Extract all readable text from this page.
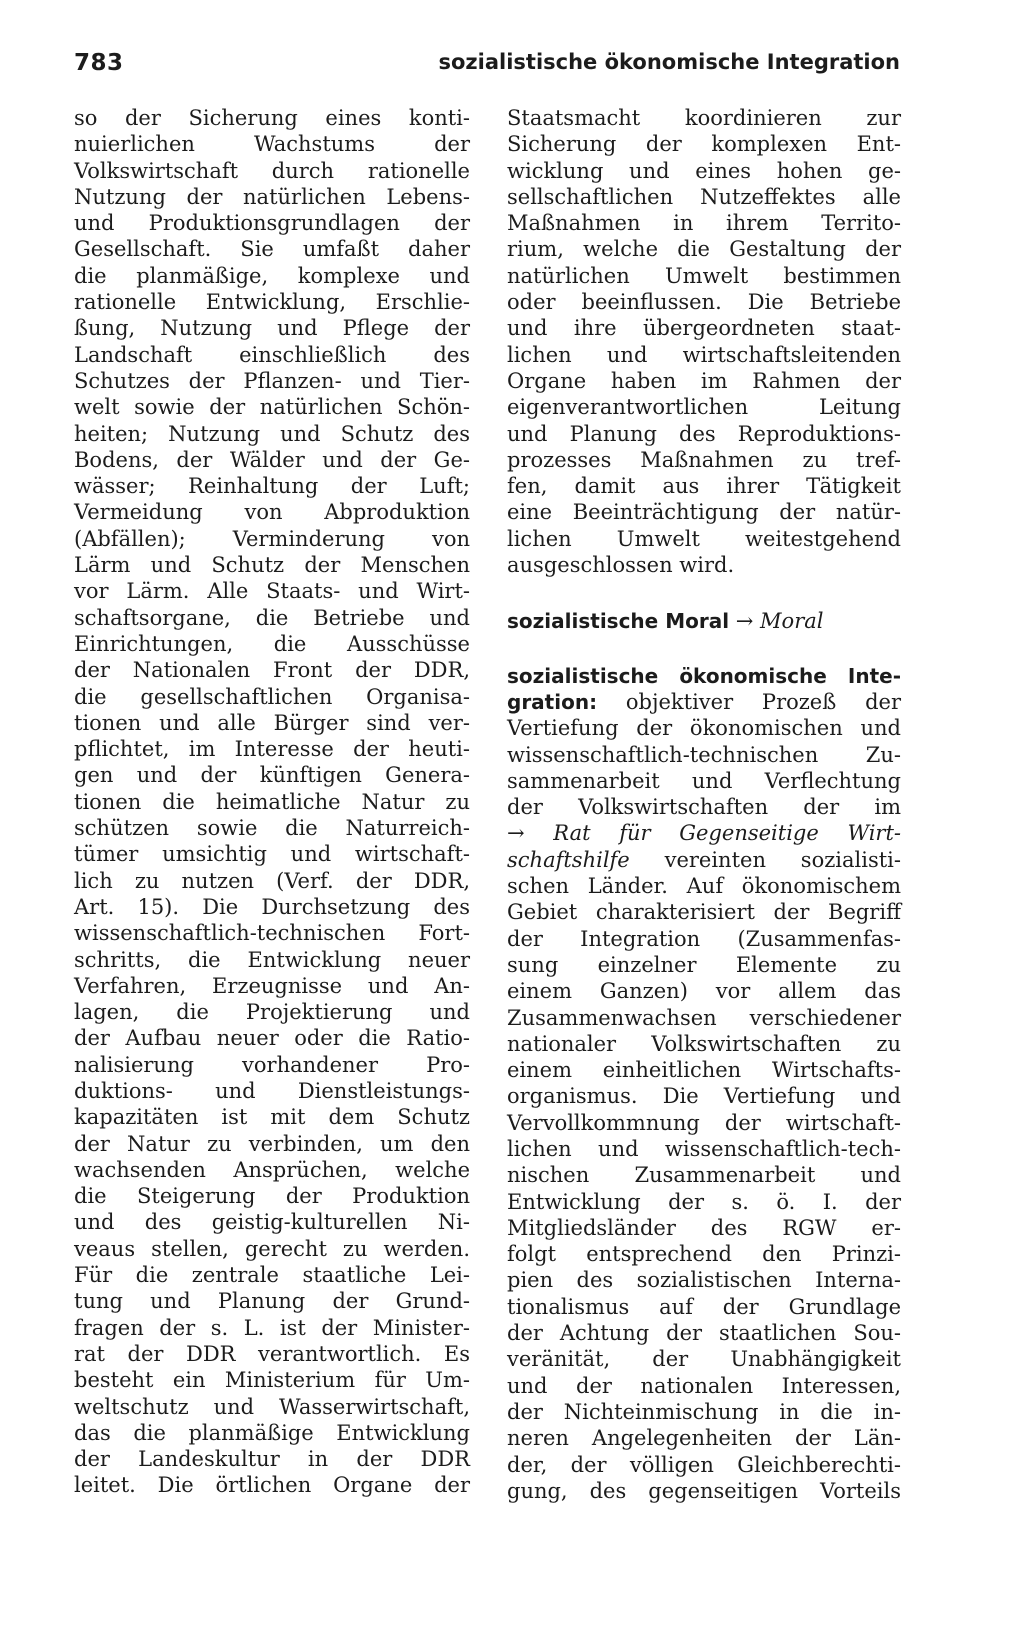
783	sozialistische ökonomische Integration
so der Sicherung eines konti-
nuierlichen Wachstums der
Volkswirtschaft durch rationelle
Nutzung der natürlichen Lebens-
und Produktionsgrundlagen der
Gesellschaft. Sie umfaßt daher
die planmäßige, komplexe und
rationelle Entwicklung, Erschlie-
ßung, Nutzung und Pflege der
Landschaft einschließlich des
Schutzes der Pflanzen- und Tier-
welt sowie der natürlichen Schön-
heiten; Nutzung und Schutz des
Bodens, der Wälder und der Ge-
wässer; Reinhaltung der Luft;
Vermeidung von Abproduktion
(Abfällen); Verminderung von
Lärm und Schutz der Menschen
vor Lärm. Alle Staats- und Wirt-
schaftsorgane, die Betriebe und
Einrichtungen, die Ausschüsse
der Nationalen Front der DDR,
die gesellschaftlichen Organisa-
tionen und alle Bürger sind ver-
pflichtet, im Interesse der heuti-
gen und der künftigen Genera-
tionen die heimatliche Natur zu
schützen sowie die Naturreich-
tümer umsichtig und wirtschaft-
lich zu nutzen (Verf. der DDR,
Art. 15). Die Durchsetzung des
wissenschaftlich-technischen Fort-
schritts, die Entwicklung neuer
Verfahren, Erzeugnisse und An-
lagen, die Projektierung und
der Aufbau neuer oder die Ratio-
nalisierung vorhandener Pro-
duktions- und Dienstleistungs-
kapazitäten ist mit dem Schutz
der Natur zu verbinden, um den
wachsenden Ansprüchen, welche
die Steigerung der Produktion
und des geistig-kulturellen Ni-
veaus stellen, gerecht zu werden.
Für die zentrale staatliche Lei-
tung und Planung der Grund-
fragen der s. L. ist der Minister-
rat der DDR verantwortlich. Es
besteht ein Ministerium für Um-
weltschutz und Wasserwirtschaft,
das die planmäßige Entwicklung
der Landeskultur in der DDR
leitet. Die örtlichen Organe der
Staatsmacht koordinieren zur
Sicherung der komplexen Ent-
wicklung und eines hohen ge-
sellschaftlichen Nutzeffektes alle
Maßnahmen in ihrem Territo-
rium, welche die Gestaltung der
natürlichen Umwelt bestimmen
oder beeinflussen. Die Betriebe
und ihre übergeordneten staat-
lichen und wirtschaftsleitenden
Organe haben im Rahmen der
eigenverantwortlichen Leitung
und Planung des Reproduktions-
prozesses Maßnahmen zu tref-
fen, damit aus ihrer Tätigkeit
eine Beeinträchtigung der natür-
lichen Umwelt weitestgehend
ausgeschlossen wird.
sozialistische Moral → Moral
sozialistische ökonomische Inte-
gration: objektiver Prozeß der
Vertiefung der ökonomischen und
wissenschaftlich-technischen Zu-
sammenarbeit und Verflechtung
der Volkswirtschaften der im
→ Rat für Gegenseitige Wirt-
schaftshilfe vereinten sozialisti-
schen Länder. Auf ökonomischem
Gebiet charakterisiert der Begriff
der Integration (Zusammenfas-
sung einzelner Elemente zu
einem Ganzen) vor allem das
Zusammenwachsen verschiedener
nationaler Volkswirtschaften zu
einem einheitlichen Wirtschafts-
organismus. Die Vertiefung und
Vervollkommnung der wirtschaft-
lichen und wissenschaftlich-tech-
nischen Zusammenarbeit und
Entwicklung der s. ö. I. der
Mitgliedsländer des RGW er-
folgt entsprechend den Prinzi-
pien des sozialistischen Interna-
tionalismus auf der Grundlage
der Achtung der staatlichen Sou-
veränität, der Unabhängigkeit
und der nationalen Interessen,
der Nichteinmischung in die in-
neren Angelegenheiten der Län-
der, der völligen Gleichberechti-
gung, des gegenseitigen Vorteils
